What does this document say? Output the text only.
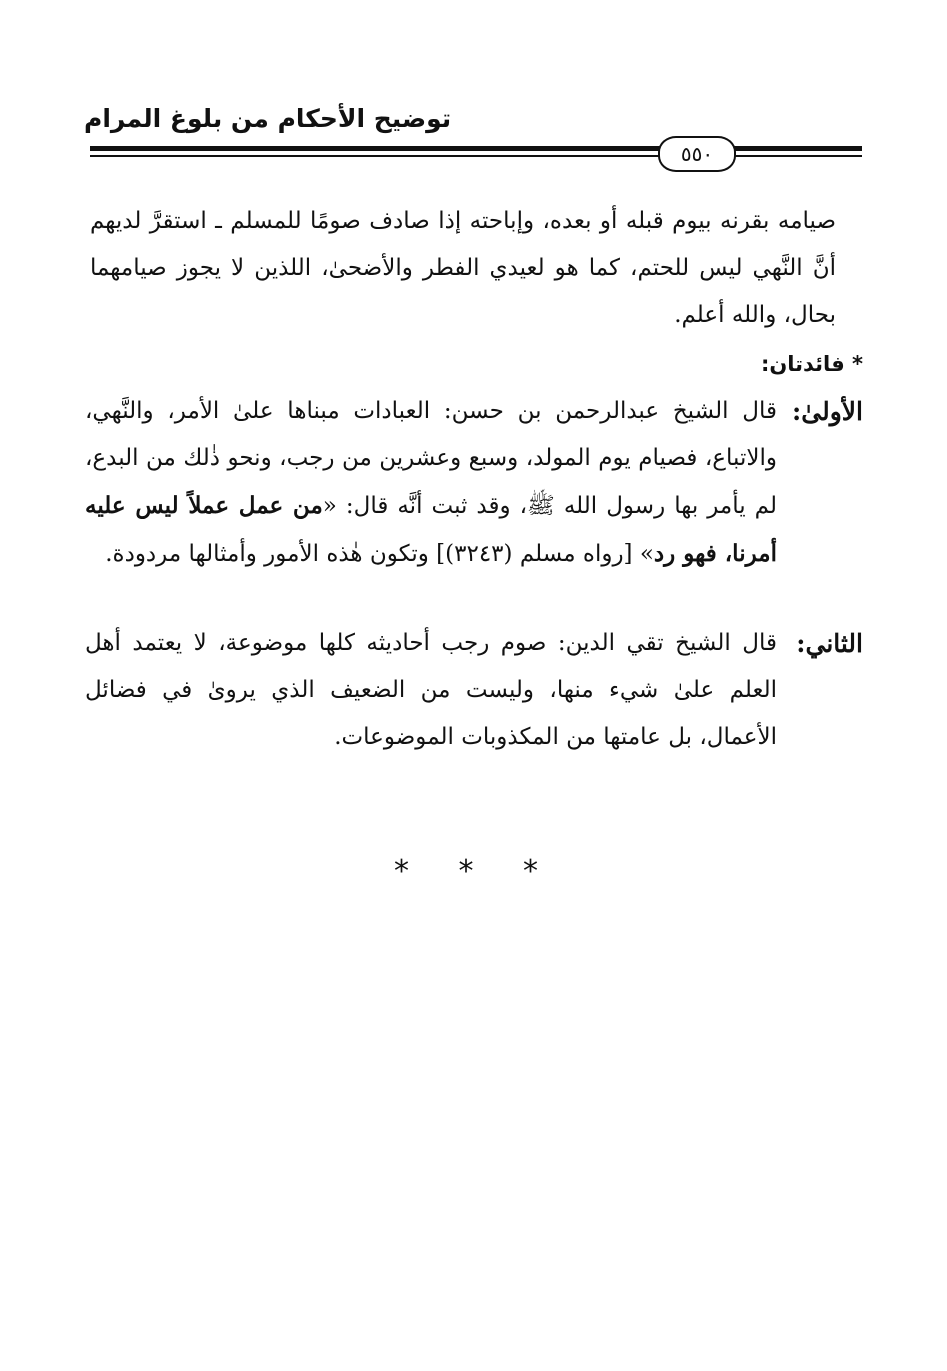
توضيح الأحكام من بلوغ المرام
٥٥٠

صيامه بقرنه بيوم قبله أو بعده، وإباحته إذا صادف صومًا للمسلم ـ استقرَّ لديهم أنَّ النَّهي ليس للحتم، كما هو لعيدي الفطر والأضحىٰ، اللذين لا يجوز صيامهما بحال، والله أعلم.

* فائدتان:
الأولىٰ:

قال الشيخ عبدالرحمن بن حسن: العبادات مبناها علىٰ الأمر، والنَّهي، والاتباع، فصيام يوم المولد، وسبع وعشرين من رجب، ونحو ذٰلك من البدع، لم يأمر بها رسول الله ﷺ، وقد ثبت أنَّه قال: «من عمل عملاً ليس عليه أمرنا، فهو رد» [رواه مسلم (٣٢٤٣)] وتكون هٰذه الأمور وأمثالها مردودة.

الثاني:

قال الشيخ تقي الدين: صوم رجب أحاديثه كلها موضوعة، لا يعتمد أهل العلم علىٰ شيء منها، وليست من الضعيف الذي يروىٰ في فضائل الأعمال، بل عامتها من المكذوبات الموضوعات.

* * *
